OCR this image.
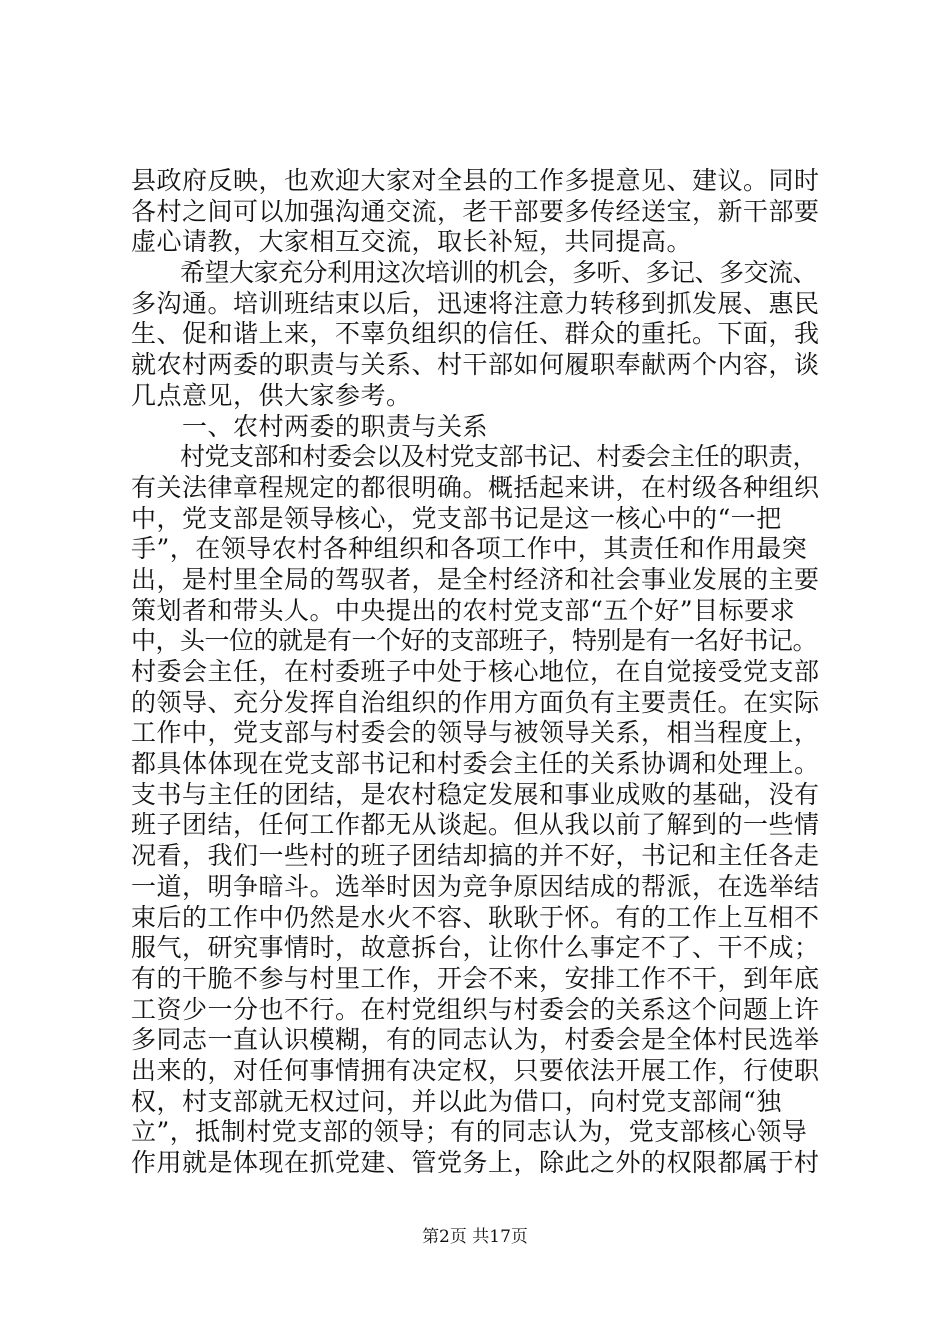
县政府反映，也欢迎大家对全县的工作多提意见、建议。同时
各村之间可以加强沟通交流，老干部要多传经送宝，新干部要
虚心请教，大家相互交流，取长补短，共同提高。
　　希望大家充分利用这次培训的机会，多听、多记、多交流、
多沟通。培训班结束以后，迅速将注意力转移到抓发展、惠民
生、促和谐上来，不辜负组织的信任、群众的重托。下面，我
就农村两委的职责与关系、村干部如何履职奉献两个内容，谈
几点意见，供大家参考。
　　一、农村两委的职责与关系
　　村党支部和村委会以及村党支部书记、村委会主任的职责，
有关法律章程规定的都很明确。概括起来讲，在村级各种组织
中，党支部是领导核心，党支部书记是这一核心中的“一把
手”，在领导农村各种组织和各项工作中，其责任和作用最突
出，是村里全局的驾驭者，是全村经济和社会事业发展的主要
策划者和带头人。中央提出的农村党支部“五个好”目标要求
中，头一位的就是有一个好的支部班子，特别是有一名好书记。
村委会主任，在村委班子中处于核心地位，在自觉接受党支部
的领导、充分发挥自治组织的作用方面负有主要责任。在实际
工作中，党支部与村委会的领导与被领导关系，相当程度上，
都具体体现在党支部书记和村委会主任的关系协调和处理上。
支书与主任的团结，是农村稳定发展和事业成败的基础，没有
班子团结，任何工作都无从谈起。但从我以前了解到的一些情
况看，我们一些村的班子团结却搞的并不好，书记和主任各走
一道，明争暗斗。选举时因为竞争原因结成的帮派，在选举结
束后的工作中仍然是水火不容、耿耿于怀。有的工作上互相不
服气，研究事情时，故意拆台，让你什么事定不了、干不成；
有的干脆不参与村里工作，开会不来，安排工作不干，到年底
工资少一分也不行。在村党组织与村委会的关系这个问题上许
多同志一直认识模糊，有的同志认为，村委会是全体村民选举
出来的，对任何事情拥有决定权，只要依法开展工作，行使职
权，村支部就无权过问，并以此为借口，向村党支部闹“独
立”，抵制村党支部的领导；有的同志认为，党支部核心领导
作用就是体现在抓党建、管党务上，除此之外的权限都属于村
第2页 共17页
